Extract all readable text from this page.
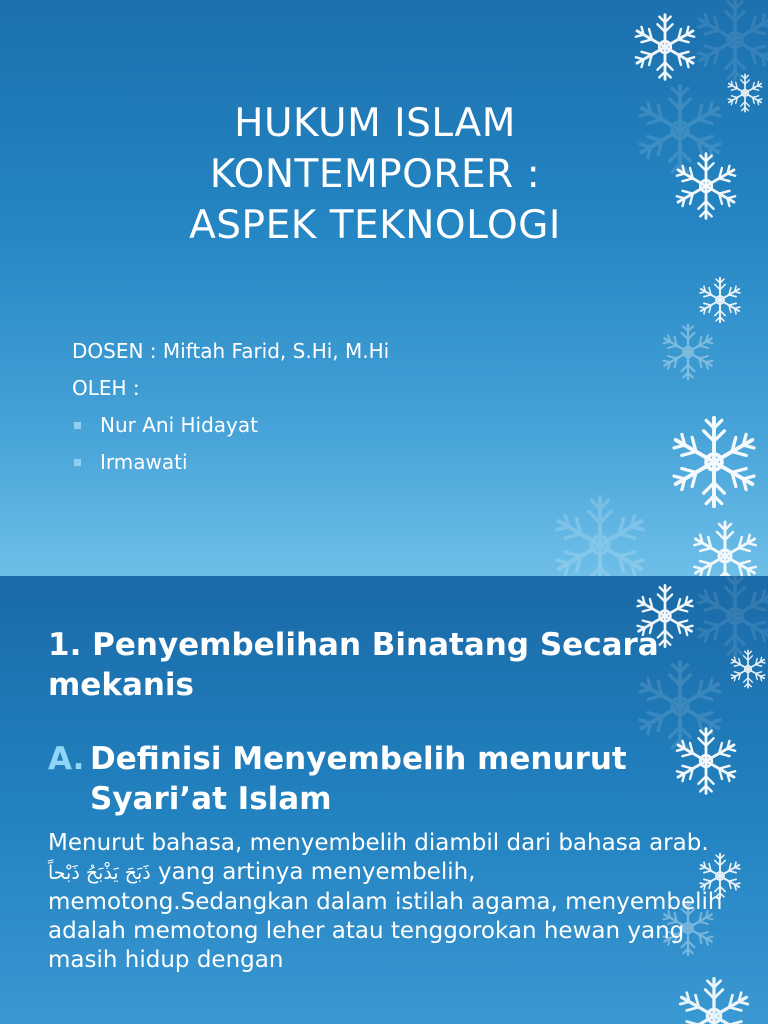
HUKUM ISLAM
KONTEMPORER :
ASPEK TEKNOLOGI
DOSEN : Miftah Farid, S.Hi, M.Hi
OLEH :
Nur Ani Hidayat
Irmawati
1. Penyembelihan Binatang Secara mekanis
A. Definisi Menyembelih menurut Syari’at Islam

Menurut bahasa, menyembelih diambil dari bahasa arab.

ذَبَحَ يَذْبَحُ ذَبْحاً yang artinya menyembelih, memotong.Sedangkan dalam istilah agama, menyembelih adalah memotong leher atau tenggorokan hewan yang masih hidup dengan
